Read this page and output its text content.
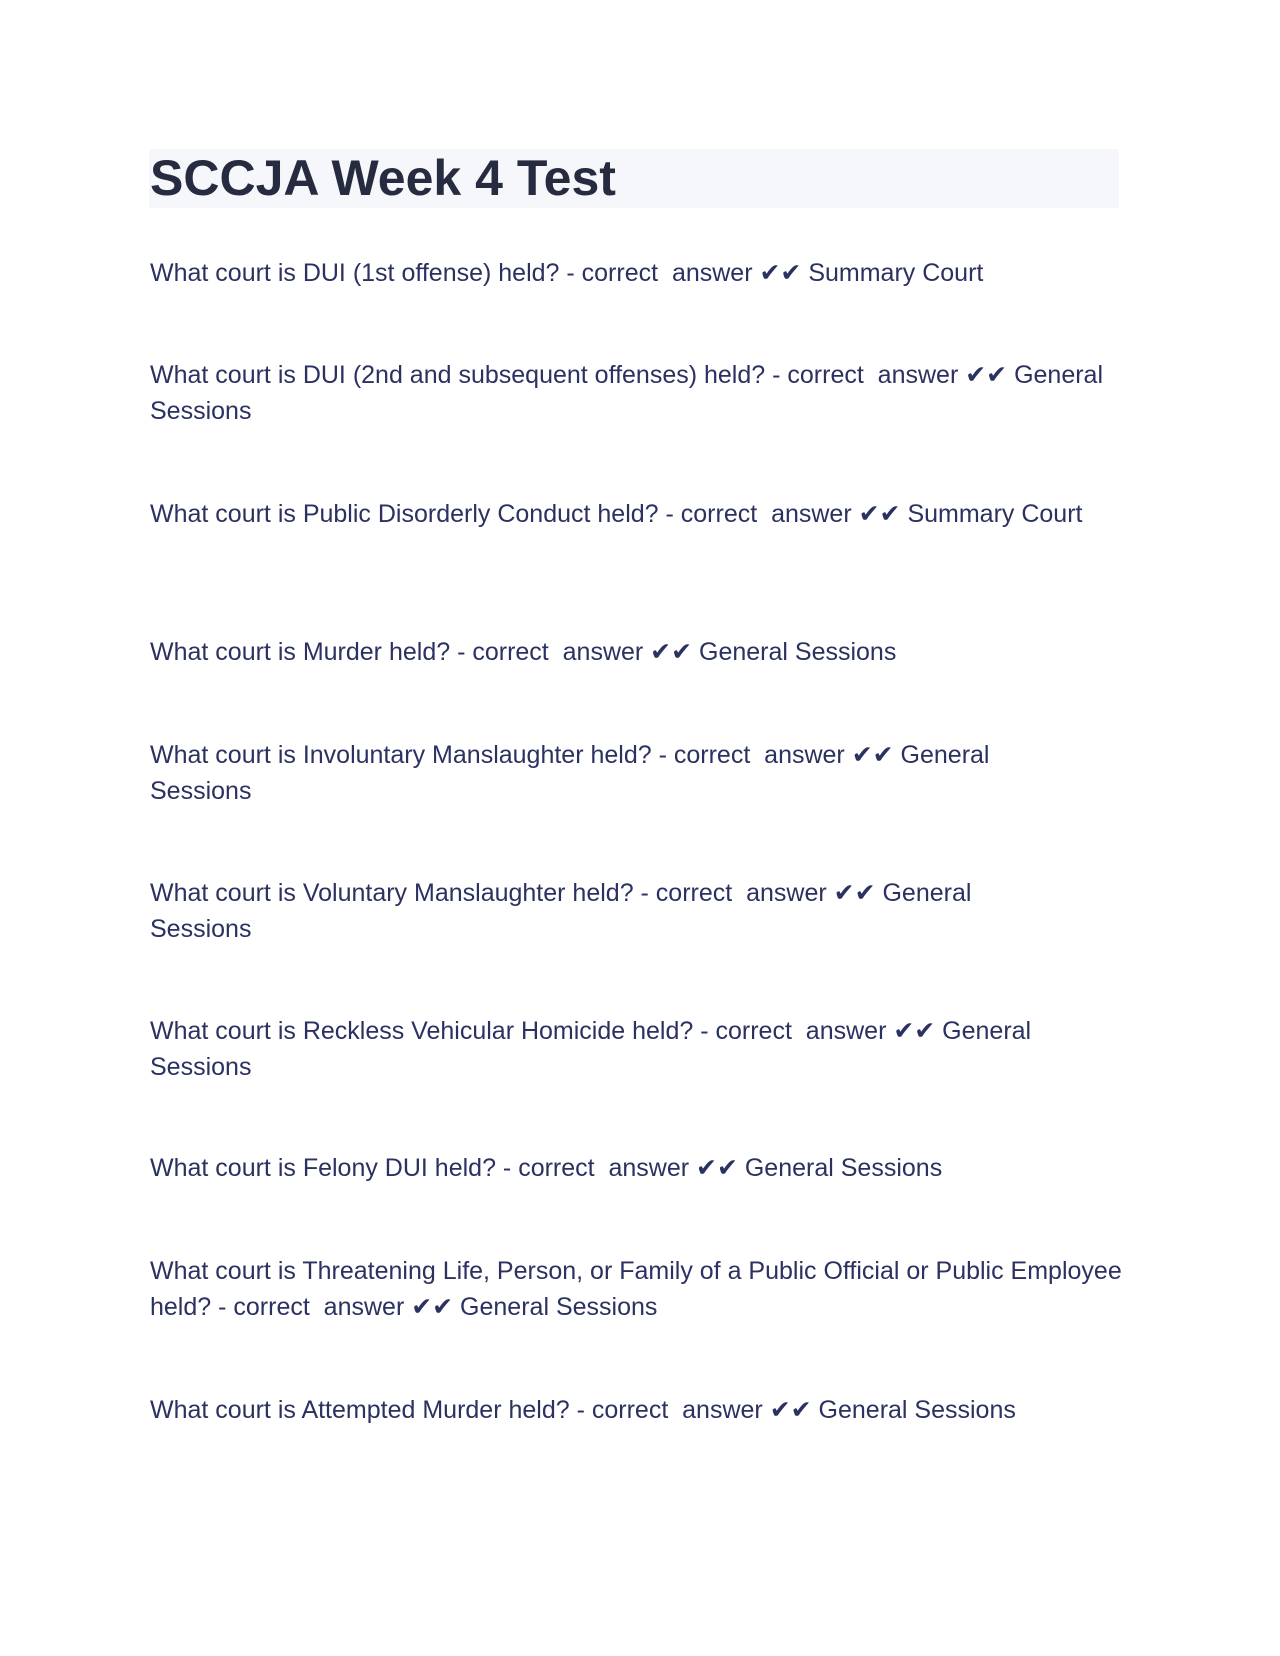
SCCJA Week 4 Test

What court is DUI (1st offense) held? - correct  answer ✔✔ Summary Court

What court is DUI (2nd and subsequent offenses) held? - correct  answer ✔✔ General Sessions

What court is Public Disorderly Conduct held? - correct  answer ✔✔ Summary Court

What court is Murder held? - correct  answer ✔✔ General Sessions

What court is Involuntary Manslaughter held? - correct  answer ✔✔ General Sessions

What court is Voluntary Manslaughter held? - correct  answer ✔✔ General Sessions

What court is Reckless Vehicular Homicide held? - correct  answer ✔✔ General Sessions

What court is Felony DUI held? - correct  answer ✔✔ General Sessions

What court is Threatening Life, Person, or Family of a Public Official or Public Employee held? - correct  answer ✔✔ General Sessions

What court is Attempted Murder held? - correct  answer ✔✔ General Sessions
